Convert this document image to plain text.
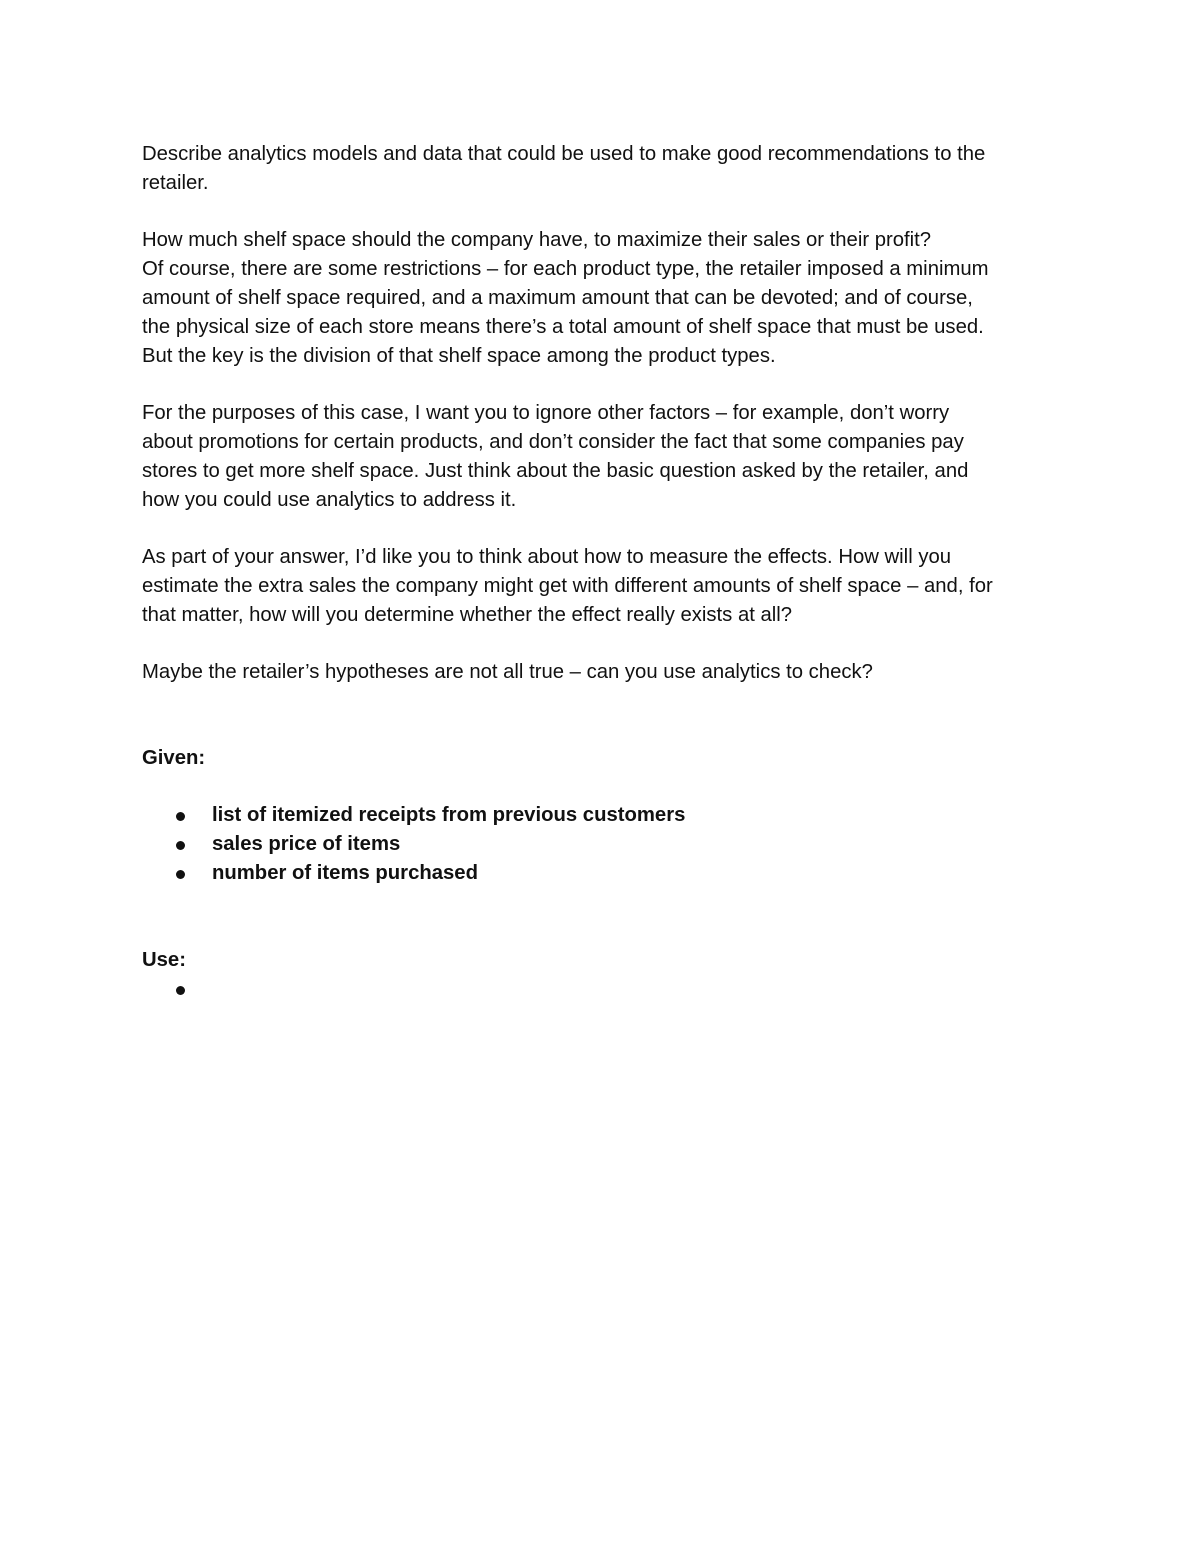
Describe analytics models and data that could be used to make good recommendations to the
retailer.
How much shelf space should the company have, to maximize their sales or their profit?
Of course, there are some restrictions – for each product type, the retailer imposed a minimum
amount of shelf space required, and a maximum amount that can be devoted; and of course,
the physical size of each store means there’s a total amount of shelf space that must be used.
But the key is the division of that shelf space among the product types.
For the purposes of this case, I want you to ignore other factors – for example, don’t worry
about promotions for certain products, and don’t consider the fact that some companies pay
stores to get more shelf space. Just think about the basic question asked by the retailer, and
how you could use analytics to address it.
As part of your answer, I’d like you to think about how to measure the effects. How will you
estimate the extra sales the company might get with different amounts of shelf space – and, for
that matter, how will you determine whether the effect really exists at all?
Maybe the retailer’s hypotheses are not all true – can you use analytics to check?

Given:

list of itemized receipts from previous customers
sales price of items
number of items purchased

Use:
